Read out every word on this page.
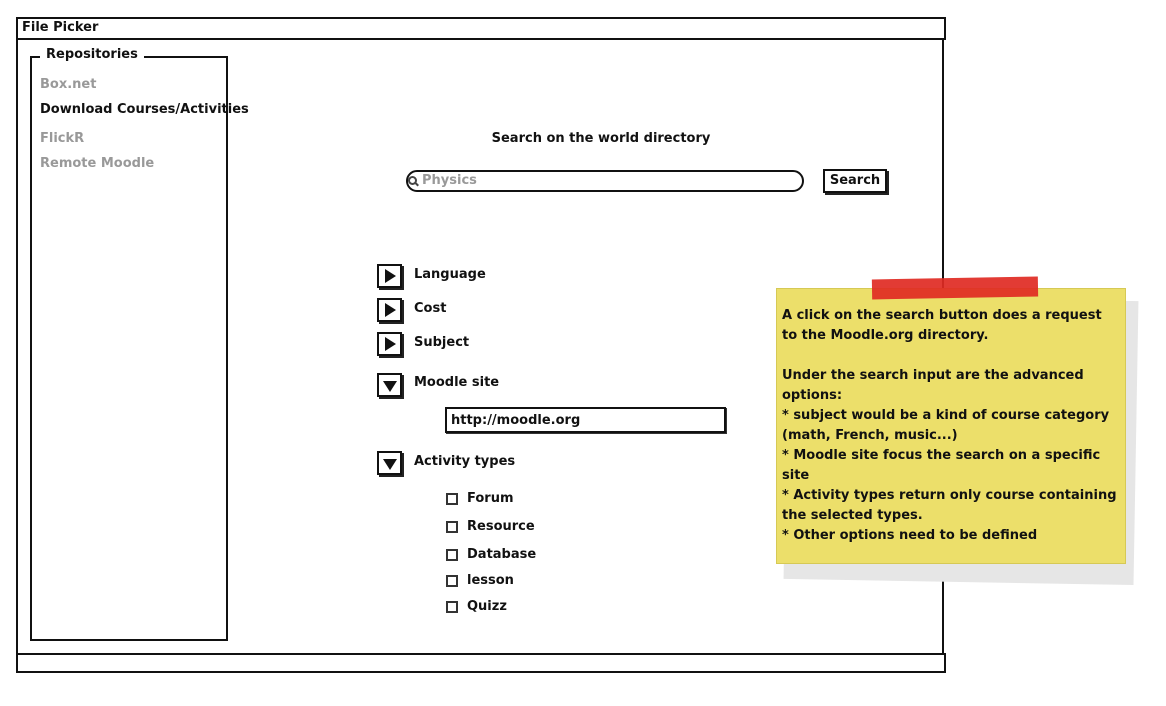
File Picker
Repositories
Box.net
Download Courses/Activities
FlickR
Remote Moodle
Search on the world directory
Physics
Search
Language
Cost
Subject
Moodle site
http://moodle.org
Activity types
Forum
Resource
Database
lesson
Quizz
A click on the search button does a request to the Moodle.org directory.

Under the search input are the advanced options:
* subject would be a kind of course category (math, French, music...)
* Moodle site focus the search on a specific site
* Activity types return only course containing the selected types.
* Other options need to be defined
